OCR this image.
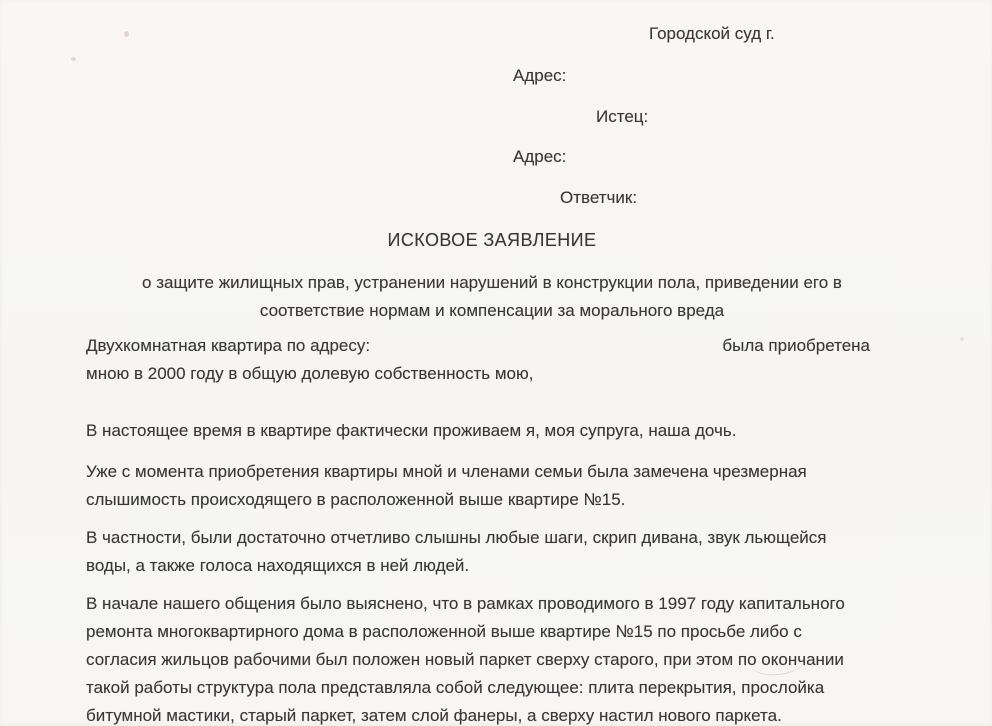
Городской суд г.
Адрес:
Истец:
Адрес:
Ответчик:
ИСКОВОЕ ЗАЯВЛЕНИЕ
о защите жилищных прав, устранении нарушений в конструкции пола, приведении его в
соответствие нормам и компенсации за морального вреда
Двухкомнатная квартира по адресу:	была приобретена
мною в 2000 году в общую долевую собственность мою,
В настоящее время в квартире фактически проживаем я, моя супруга, наша дочь.
Уже с момента приобретения квартиры мной и членами семьи была замечена чрезмерная
слышимость происходящего в расположенной выше квартире №15.
В частности, были достаточно отчетливо слышны любые шаги, скрип дивана, звук льющейся
воды, а также голоса находящихся в ней людей.
В начале нашего общения было выяснено, что в рамках проводимого в 1997 году капитального
ремонта многоквартирного дома в расположенной выше квартире №15 по просьбе либо с
согласия жильцов рабочими был положен новый паркет сверху старого, при этом по окончании
такой работы структура пола представляла собой следующее: плита перекрытия, прослойка
битумной мастики, старый паркет, затем слой фанеры, а сверху настил нового паркета.
